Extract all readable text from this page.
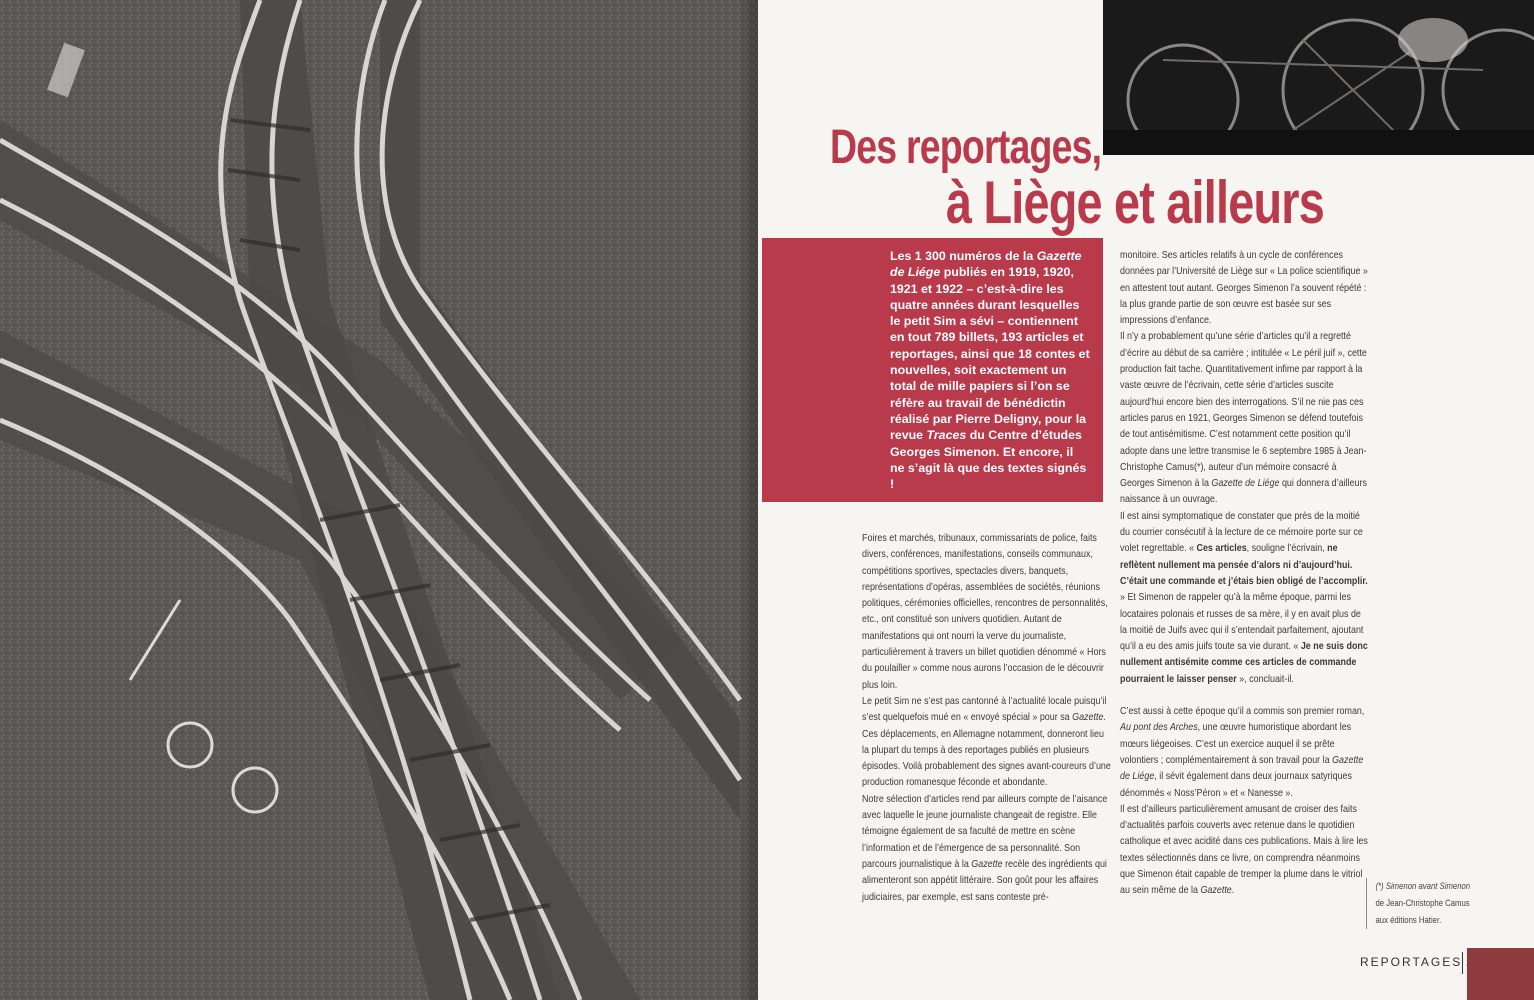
Des reportages,
à Liège et ailleurs
Les 1 300 numéros de la Gazette de Liége publiés en 1919, 1920, 1921 et 1922 – c’est-à-dire les quatre années durant lesquelles le petit Sim a sévi – contiennent en tout 789 billets, 193 articles et reportages, ainsi que 18 contes et nouvelles, soit exactement un total de mille papiers si l’on se réfère au travail de bénédictin réalisé par Pierre Deligny, pour la revue Traces du Centre d’études Georges Simenon. Et encore, il ne s’agit là que des textes signés !

Foires et marchés, tribunaux, commissariats de police, faits divers, conférences, manifestations, conseils communaux, compétitions sportives, spectacles divers, banquets, représentations d’opéras, assemblées de sociétés, réunions politiques, cérémonies officielles, rencontres de personnalités, etc., ont constitué son univers quotidien. Autant de manifestations qui ont nourri la verve du journaliste, particulièrement à travers un billet quotidien dénommé « Hors du poulailler » comme nous aurons l’occasion de le découvrir plus loin.

Le petit Sim ne s’est pas cantonné à l’actualité locale puisqu’il s’est quelquefois mué en « envoyé spécial » pour sa Gazette. Ces déplacements, en Allemagne notamment, donneront lieu la plupart du temps à des reportages publiés en plusieurs épisodes. Voilà probablement des signes avant-coureurs d’une production romanesque féconde et abondante.

Notre sélection d’articles rend par ailleurs compte de l’aisance avec laquelle le jeune journaliste changeait de registre. Elle témoigne également de sa faculté de mettre en scène l’information et de l’émergence de sa personnalité. Son parcours journalistique à la Gazette recèle des ingrédients qui alimenteront son appétit littéraire. Son goût pour les affaires judiciaires, par exemple, est sans conteste pré-

monitoire. Ses articles relatifs à un cycle de conférences données par l’Université de Liège sur « La police scientifique » en attestent tout autant. Georges Simenon l’a souvent répété : la plus grande partie de son œuvre est basée sur ses impressions d’enfance.

Il n’y a probablement qu’une série d’articles qu’il a regretté d’écrire au début de sa carrière ; intitulée « Le péril juif », cette production fait tache. Quantitativement infime par rapport à la vaste œuvre de l’écrivain, cette série d’articles suscite aujourd’hui encore bien des interrogations. S’il ne nie pas ces articles parus en 1921, Georges Simenon se défend toutefois de tout antisémitisme. C’est notamment cette position qu’il adopte dans une lettre transmise le 6 septembre 1985 à Jean-Christophe Camus(*), auteur d’un mémoire consacré à Georges Simenon à la Gazette de Liége qui donnera d’ailleurs naissance à un ouvrage.

Il est ainsi symptomatique de constater que près de la moitié du courrier consécutif à la lecture de ce mémoire porte sur ce volet regrettable. « Ces articles, souligne l’écrivain, ne reflètent nullement ma pensée d’alors ni d’aujourd’hui. C’était une commande et j’étais bien obligé de l’accomplir. » Et Simenon de rappeler qu’à la même époque, parmi les locataires polonais et russes de sa mère, il y en avait plus de la moitié de Juifs avec qui il s’entendait parfaitement, ajoutant qu’il a eu des amis juifs toute sa vie durant. « Je ne suis donc nullement antisémite comme ces articles de commande pourraient le laisser penser », concluait-il.

C’est aussi à cette époque qu’il a commis son premier roman, Au pont des Arches, une œuvre humoristique abordant les mœurs liégeoises. C’est un exercice auquel il se prête volontiers ; complémentairement à son travail pour la Gazette de Liége, il sévit également dans deux journaux satyriques dénommés « Noss’Péron » et « Nanesse ».

Il est d’ailleurs particulièrement amusant de croiser des faits d’actualités parfois couverts avec retenue dans le quotidien catholique et avec acidité dans ces publications. Mais à lire les textes sélectionnés dans ce livre, on comprendra néanmoins que Simenon était capable de tremper la plume dans le vitriol au sein même de la Gazette.	(*) Simenon avant Simenon
de Jean-Christophe Camus
aux éditions Hatier.
REPORTAGES
